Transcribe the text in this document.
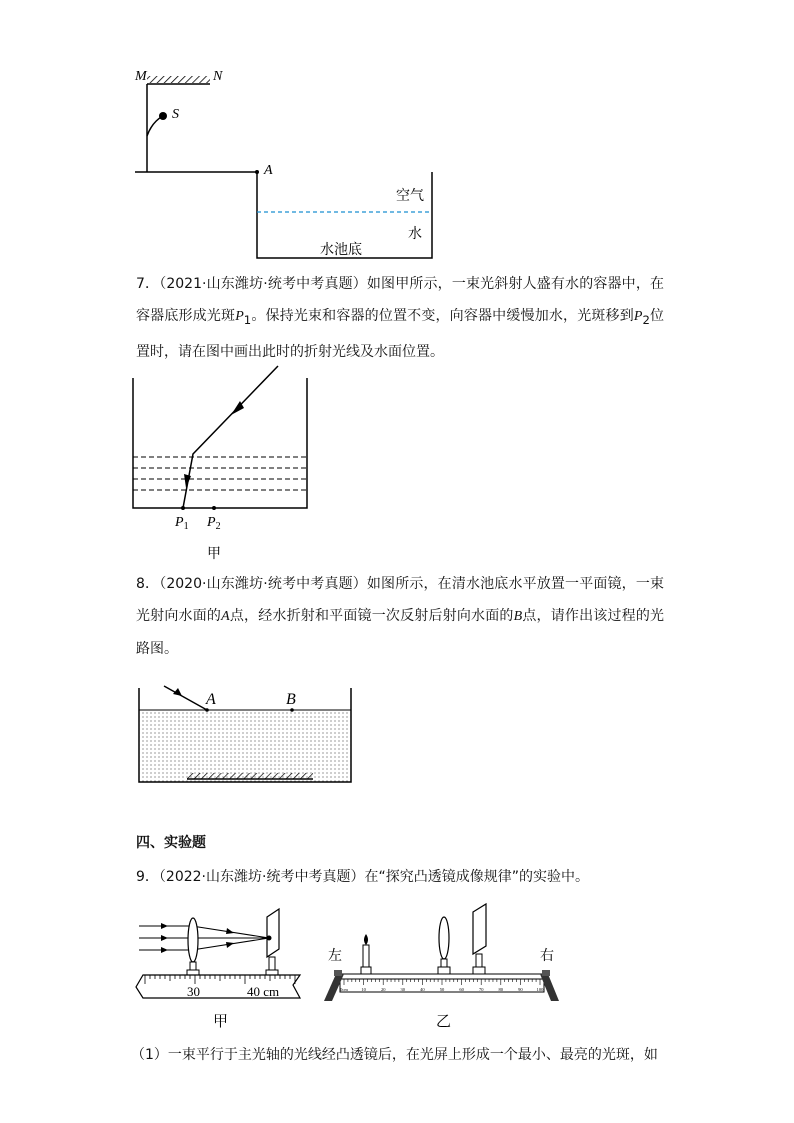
M	N
S
A
空气
水
水池底
7．（2021·山东潍坊·统考中考真题）如图甲所示，一束光斜射人盛有水的容器中，在容器底形成光斑$P_1$。保持光束和容器的位置不变，向容器中缓慢加水，光斑移到$P_2$位置时，请在图中画出此时的折射光线及水面位置。
$P_1$ $P_2$
甲
8．（2020·山东潍坊·统考中考真题）如图所示，在清水池底水平放置一平面镜，一束光射向水面的A点，经水折射和平面镜一次反射后射向水面的B点，请作出该过程的光路图。
A	B
四、实验题
9．（2022·山东潍坊·统考中考真题）在“探究凸透镜成像规律”的实验中。
30	40 cm
甲
左	右
0cm	10	20	30	40	50	60	70	80	90	100
乙
（1）一束平行于主光轴的光线经凸透镜后，在光屏上形成一个最小、最亮的光斑，如
